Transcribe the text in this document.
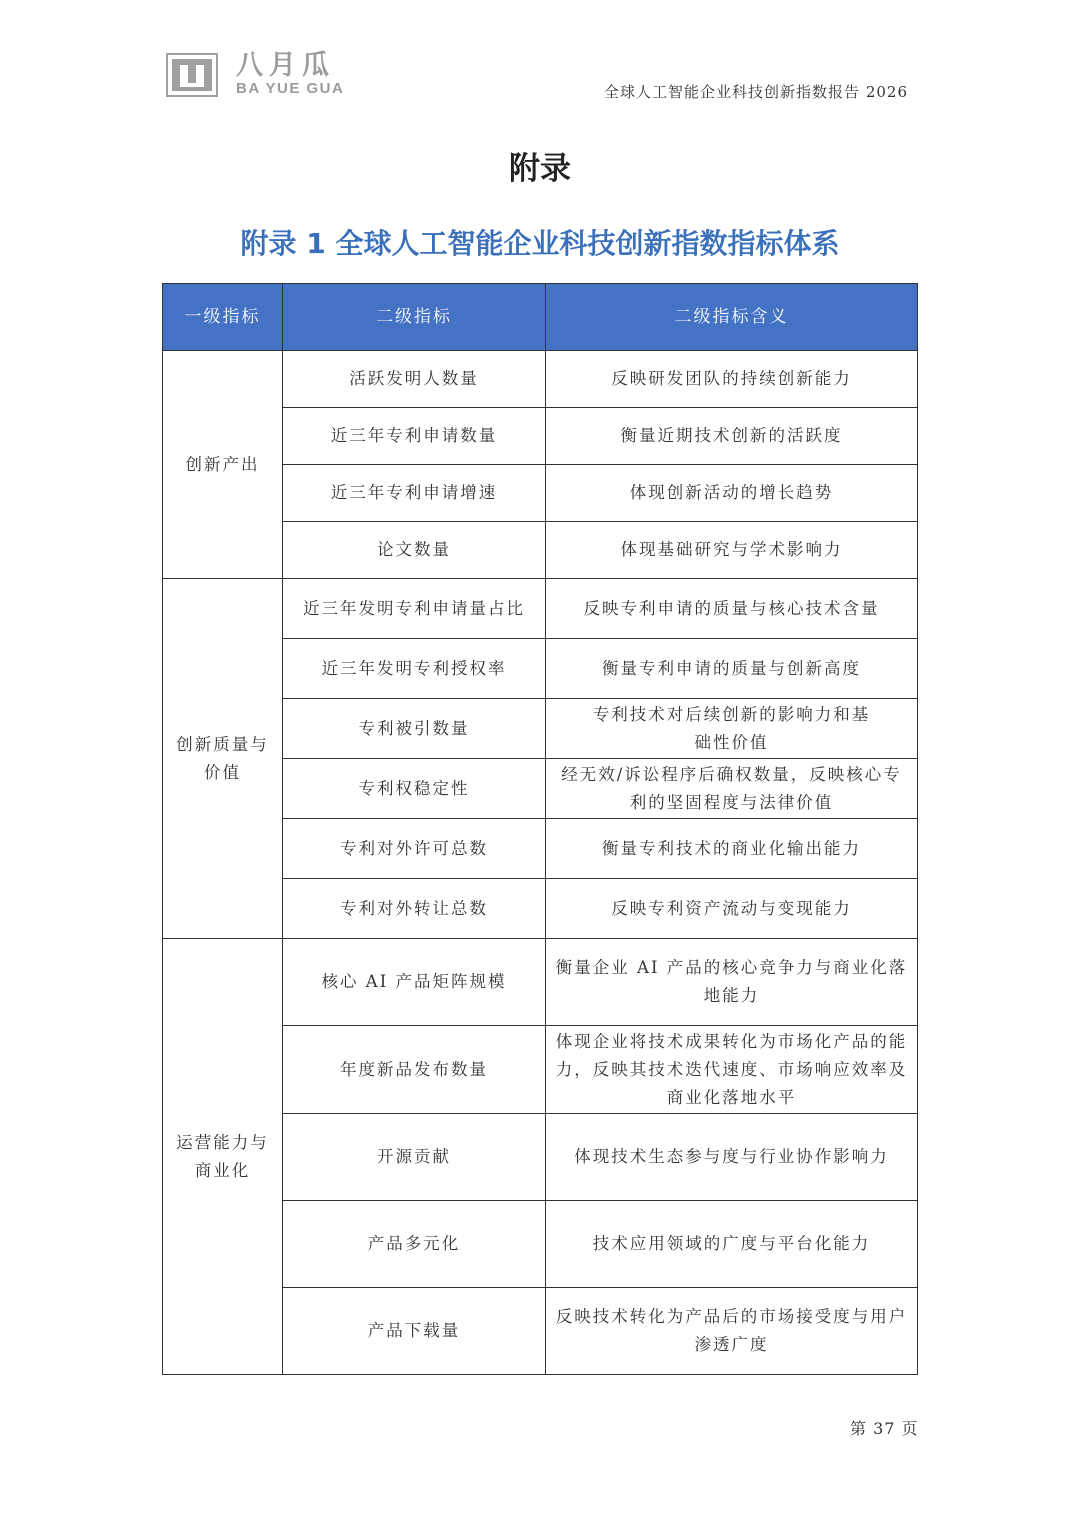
八月瓜
BA YUE GUA	全球人工智能企业科技创新指数报告 2026
附录
附录 1 全球人工智能企业科技创新指数指标体系
一级指标	二级指标	二级指标含义
创新产出	活跃发明人数量	反映研发团队的持续创新能力
	近三年专利申请数量	衡量近期技术创新的活跃度
	近三年专利申请增速	体现创新活动的增长趋势
	论文数量	体现基础研究与学术影响力
创新质量与价值	近三年发明专利申请量占比	反映专利申请的质量与核心技术含量
	近三年发明专利授权率	衡量专利申请的质量与创新高度
	专利被引数量	专利技术对后续创新的影响力和基础性价值
	专利权稳定性	经无效/诉讼程序后确权数量，反映核心专利的坚固程度与法律价值
	专利对外许可总数	衡量专利技术的商业化输出能力
	专利对外转让总数	反映专利资产流动与变现能力
运营能力与商业化	核心 AI 产品矩阵规模	衡量企业 AI 产品的核心竞争力与商业化落地能力
	年度新品发布数量	体现企业将技术成果转化为市场化产品的能力，反映其技术迭代速度、市场响应效率及商业化落地水平
	开源贡献	体现技术生态参与度与行业协作影响力
	产品多元化	技术应用领域的广度与平台化能力
	产品下载量	反映技术转化为产品后的市场接受度与用户渗透广度
第 37 页
